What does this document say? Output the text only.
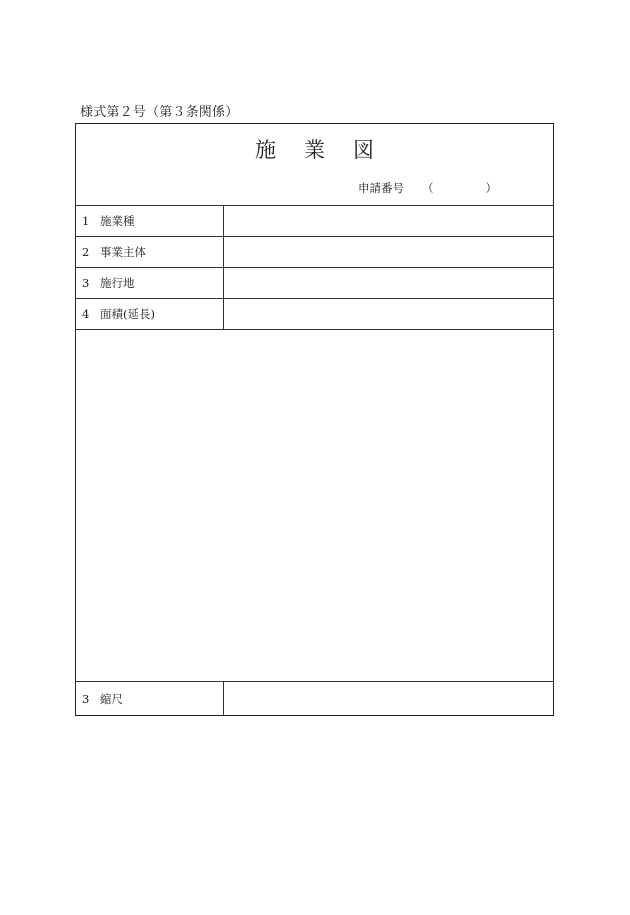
様式第２号（第３条関係）
施業図
申請番号 （	）
1 施業種
2 事業主体
3 施行地
4 面積(延長)
3 縮尺
